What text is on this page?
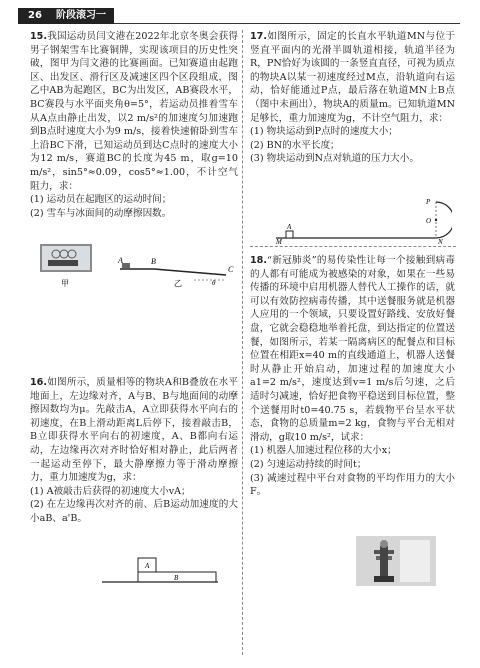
26 阶段滚习一

15.我国运动员闫文港在2022年北京冬奥会获得男子钢架雪车比赛铜牌，实现该项目的历史性突破，图甲为闫文港的比赛画面。已知赛道由起跑区、出发区、滑行区及减速区四个区段组成，图乙中AB为起跑区，BC为出发区，AB赛段水平，BC赛段与水平面夹角θ=5°，若运动员推着雪车从A点由静止出发，以2 m/s²的加速度匀加速跑到B点时速度大小为9 m/s，接着快速俯卧到雪车上沿BC下滑，已知运动员到达C点时的速度大小为12 m/s，赛道BC的长度为45 m，取g=10 m/s²，sin5°≈0.09，cos5°≈1.00，不计空气阻力，求：

(1) 运动员在起跑区的运动时间；

(2) 雪车与冰面间的动摩擦因数。

A	B
C
θ
甲	乙

16.如图所示，质量相等的物块A和B叠放在水平地面上，左边缘对齐，A与B、B与地面间的动摩擦因数均为μ。先敲击A，A立即获得水平向右的初速度，在B上滑动距离L后停下，接着敲击B，B立即获得水平向右的初速度，A、B都向右运动，左边缘再次对齐时恰好相对静止，此后两者一起运动至停下，最大静摩擦力等于滑动摩擦力，重力加速度为g，求：

(1) A被敲击后获得的初速度大小vA；

(2) 在左边缘再次对齐的前、后B运动加速度的大小aB、a'B。

A
B

17.如图所示，固定的长直水平轨道MN与位于竖直平面内的光滑半圆轨道相接，轨道半径为R，PN恰好为该圆的一条竖直直径，可视为质点的物块A以某一初速度经过M点，沿轨道向右运动，恰好能通过P点，最后落在轨道MN上B点（图中未画出），物块A的质量m。已知轨道MN足够长，重力加速度为g，不计空气阻力，求：

(1) 物块运动到P点时的速度大小；

(2) BN的水平长度；

(3) 物块运动到N点对轨道的压力大小。

P
O
A
M	N

18.“新冠肺炎”的易传染性让每一个接触到病毒的人都有可能成为被感染的对象，如果在一些易传播的环境中启用机器人替代人工操作的话，就可以有效防控病毒传播，其中送餐服务就是机器人应用的一个领域，只要设置好路线、安放好餐盘，它就会稳稳地举着托盘，到达指定的位置送餐，如图所示，若某一隔离病区的配餐点和目标位置在相距x=40 m的直线通道上，机器人送餐时从静止开始启动，加速过程的加速度大小a1=2 m/s²，速度达到v=1 m/s后匀速，之后适时匀减速，恰好把食物平稳送到目标位置，整个送餐用时t0=40.75 s，若载物平台呈水平状态，食物的总质量m=2 kg，食物与平台无相对滑动，g取10 m/s²，试求：

(1) 机器人加速过程位移的大小x；

(2) 匀速运动持续的时间t；

(3) 减速过程中平台对食物的平均作用力的大小F。
